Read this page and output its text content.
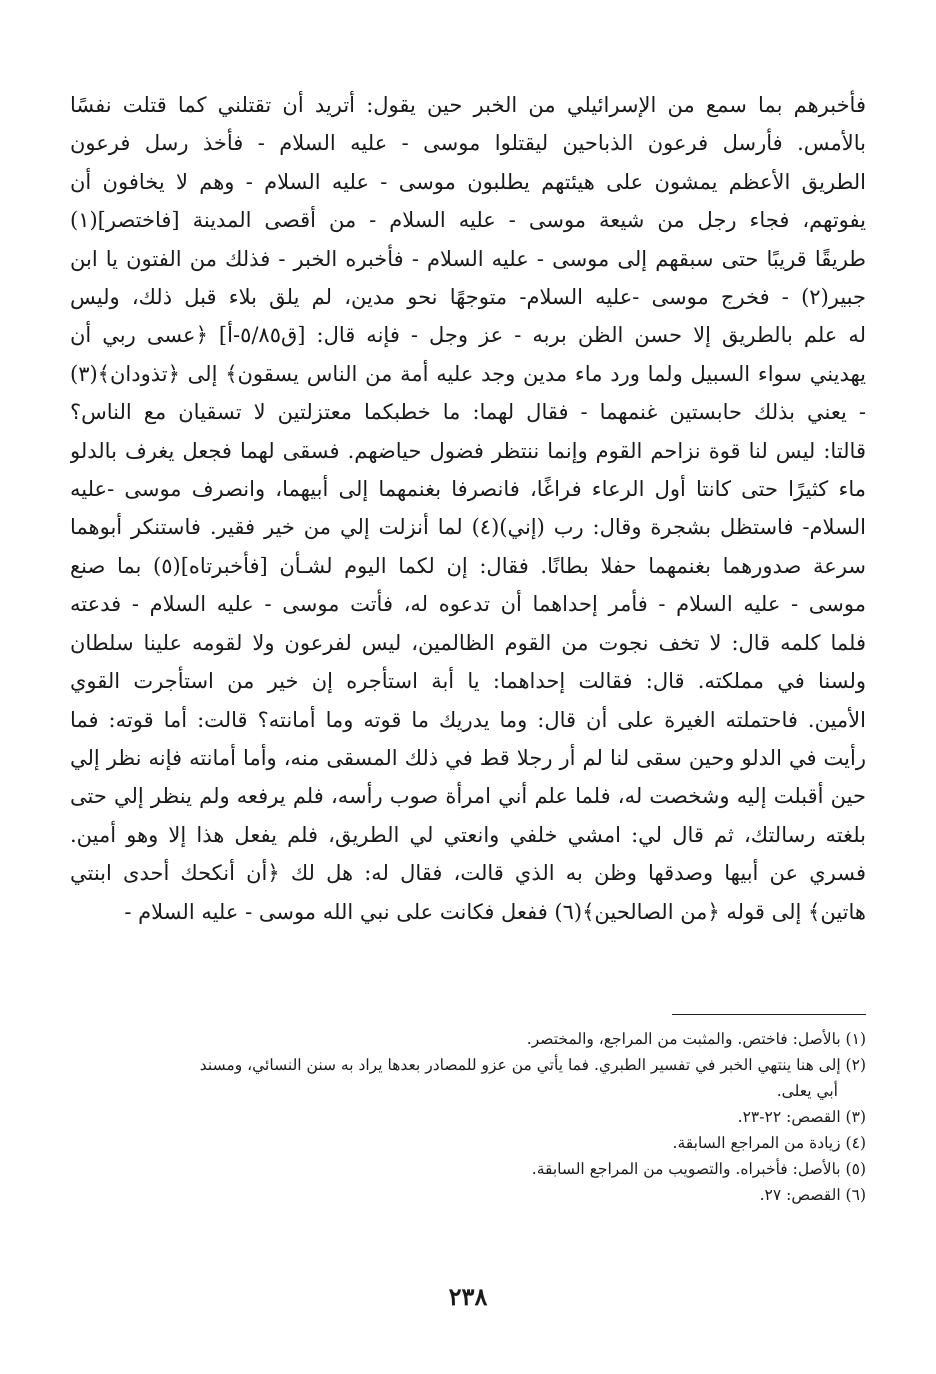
فأخبرهم بما سمع من الإسرائيلي من الخبر حين يقول: أتريد أن تقتلني كما قتلت نفسًا
بالأمس. فأرسل فرعون الذباحين ليقتلوا موسى - عليه السلام - فأخذ رسل فرعون
الطريق الأعظم يمشون على هيئتهم يطلبون موسى - عليه السلام - وهم لا يخافون أن
يفوتهم، فجاء رجل من شيعة موسى - عليه السلام - من أقصى المدينة [فاختصر](١)
طريقًا قريبًا حتى سبقهم إلى موسى - عليه السلام - فأخبره الخبر - فذلك من الفتون يا ابن
جبير(٢) - فخرج موسى -عليه السلام- متوجهًا نحو مدين، لم يلق بلاء قبل ذلك، وليس
له علم بالطريق إلا حسن الظن بربه - عز وجل - فإنه قال: [ق٥/٨٥-أ] ﴿عسى ربي أن
يهديني سواء السبيل ولما ورد ماء مدين وجد عليه أمة من الناس يسقون﴾ إلى ﴿تذودان﴾(٣)
- يعني بذلك حابستين غنمهما - فقال لهما: ما خطبكما معتزلتين لا تسقيان مع الناس؟
قالتا: ليس لنا قوة نزاحم القوم وإنما ننتظر فضول حياضهم. فسقى لهما فجعل يغرف بالدلو
ماء كثيرًا حتى كانتا أول الرعاء فراغًا، فانصرفا بغنمهما إلى أبيهما، وانصرف موسى -عليه
السلام- فاستظل بشجرة وقال: رب (إني)(٤) لما أنزلت إلي من خير فقير. فاستنكر أبوهما
سرعة صدورهما بغنمهما حفلا بطانًا. فقال: إن لكما اليوم لشـأن [فأخبرتاه](٥) بما صنع
موسى - عليه السلام - فأمر إحداهما أن تدعوه له، فأتت موسى - عليه السلام - فدعته
فلما كلمه قال: لا تخف نجوت من القوم الظالمين، ليس لفرعون ولا لقومه علينا سلطان
ولسنا في مملكته. قال: فقالت إحداهما: يا أبة استأجره إن خير من استأجرت القوي
الأمين. فاحتملته الغيرة على أن قال: وما يدريك ما قوته وما أمانته؟ قالت: أما قوته: فما
رأيت في الدلو وحين سقى لنا لم أر رجلا قط في ذلك المسقى منه، وأما أمانته فإنه نظر إلي
حين أقبلت إليه وشخصت له، فلما علم أني امرأة صوب رأسه، فلم يرفعه ولم ينظر إلي حتى
بلغته رسالتك، ثم قال لي: امشي خلفي وانعتي لي الطريق، فلم يفعل هذا إلا وهو أمين.
فسري عن أبيها وصدقها وظن به الذي قالت، فقال له: هل لك ﴿أن أنكحك أحدى ابنتي
هاتين﴾ إلى قوله ﴿من الصالحين﴾(٦) ففعل فكانت على نبي الله موسى - عليه السلام -
(١) بالأصل: فاختص. والمثبت من المراجع، والمختصر.
(٢) إلى هنا ينتهي الخبر في تفسير الطبري. فما يأتي من عزو للمصادر بعدها يراد به سنن النسائي، ومسند
أبي يعلى.
(٣) القصص: ٢٢-٢٣.
(٤) زيادة من المراجع السابقة.
(٥) بالأصل: فأخبراه. والتصويب من المراجع السابقة.
(٦) القصص: ٢٧.
٢٣٨
